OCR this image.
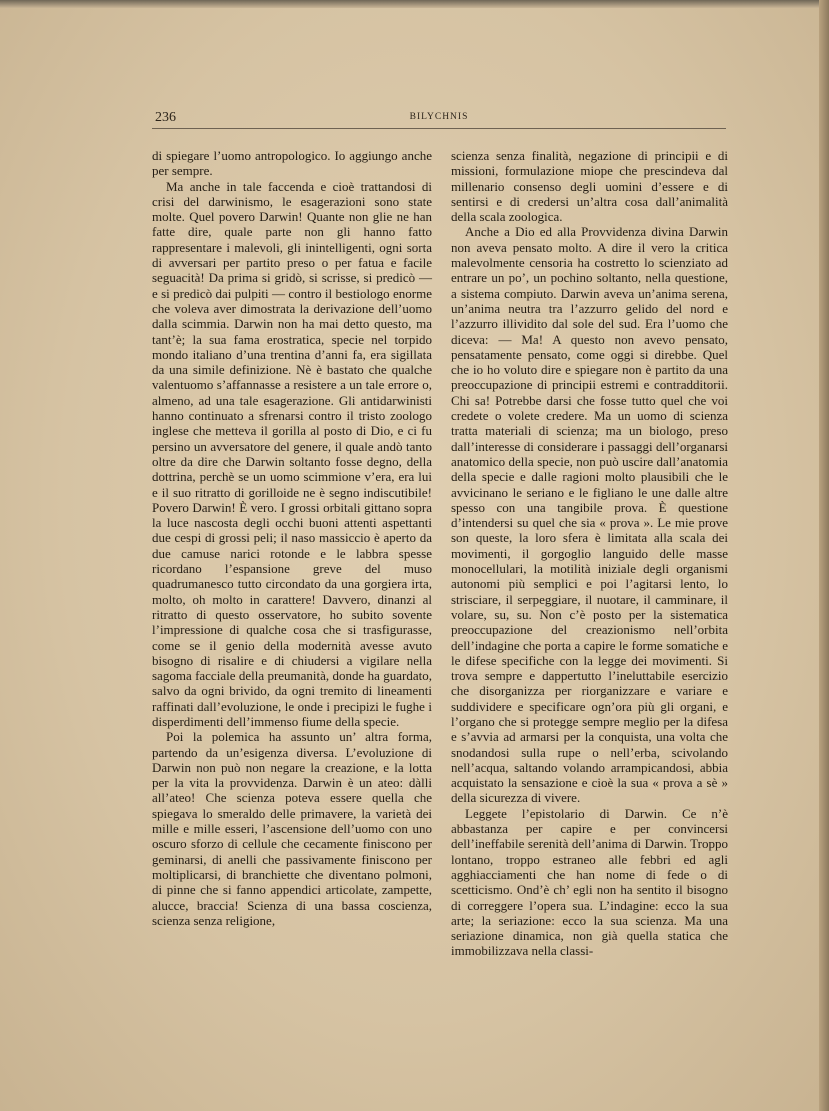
236	BILYCHNIS

di spiegare l’uomo antropologico. Io aggiungo anche per sempre.

Ma anche in tale faccenda e cioè trattandosi di crisi del darwinismo, le esagerazioni sono state molte. Quel povero Darwin! Quante non glie ne han fatte dire, quale parte non gli hanno fatto rappresentare i malevoli, gli inintelligenti, ogni sorta di avversari per partito preso o per fatua e facile seguacità! Da prima si gridò, si scrisse, si predicò — e si predicò dai pulpiti — contro il bestiologo enorme che voleva aver dimostrata la derivazione dell’uomo dalla scimmia. Darwin non ha mai detto questo, ma tant’è; la sua fama erostratica, specie nel torpido mondo italiano d’una trentina d’anni fa, era sigillata da una simile definizione. Nè è bastato che qualche valentuomo s’affannasse a resistere a un tale errore o, almeno, ad una tale esagerazione. Gli antidarwinisti hanno continuato a sfrenarsi contro il tristo zoologo inglese che metteva il gorilla al posto di Dio, e ci fu persino un avversatore del genere, il quale andò tanto oltre da dire che Darwin soltanto fosse degno, della dottrina, perchè se un uomo scimmione v’era, era lui e il suo ritratto di gorilloide ne è segno indiscutibile! Povero Darwin! È vero. I grossi orbitali gittano sopra la luce nascosta degli occhi buoni attenti aspettanti due cespi di grossi peli; il naso massiccio è aperto da due camuse narici rotonde e le labbra spesse ricordano l’espansione greve del muso quadrumanesco tutto circondato da una gorgiera irta, molto, oh molto in carattere! Davvero, dinanzi al ritratto di questo osservatore, ho subito sovente l’impressione di qualche cosa che si trasfigurasse, come se il genio della modernità avesse avuto bisogno di risalire e di chiudersi a vigilare nella sagoma facciale della preumanità, donde ha guardato, salvo da ogni brivido, da ogni tremito di lineamenti raffinati dall’evoluzione, le onde i precipizi le fughe i disperdimenti dell’immenso fiume della specie.

Poi la polemica ha assunto un’ altra forma, partendo da un’esigenza diversa. L’evoluzione di Darwin non può non negare la creazione, e la lotta per la vita la provvidenza. Darwin è un ateo: dàlli all’ateo! Che scienza poteva essere quella che spiegava lo smeraldo delle primavere, la varietà dei mille e mille esseri, l’ascensione dell’uomo con uno oscuro sforzo di cellule che cecamente finiscono per geminarsi, di anelli che passivamente finiscono per moltiplicarsi, di branchiette che diventano polmoni, di pinne che si fanno appendici articolate, zampette, alucce, braccia! Scienza di una bassa coscienza, scienza senza religione,

scienza senza finalità, negazione di principii e di missioni, formulazione miope che prescindeva dal millenario consenso degli uomini d’essere e di sentirsi e di credersi un’altra cosa dall’animalità della scala zoologica.

Anche a Dio ed alla Provvidenza divina Darwin non aveva pensato molto. A dire il vero la critica malevolmente censoria ha costretto lo scienziato ad entrare un po’, un pochino soltanto, nella questione, a sistema compiuto. Darwin aveva un’anima serena, un’anima neutra tra l’azzurro gelido del nord e l’azzurro illividito dal sole del sud. Era l’uomo che diceva: — Ma! A questo non avevo pensato, pensatamente pensato, come oggi si direbbe. Quel che io ho voluto dire e spiegare non è partito da una preoccupazione di principii estremi e contradditorii. Chi sa! Potrebbe darsi che fosse tutto quel che voi credete o volete credere. Ma un uomo di scienza tratta materiali di scienza; ma un biologo, preso dall’interesse di considerare i passaggi dell’organarsi anatomico della specie, non può uscire dall’anatomia della specie e dalle ragioni molto plausibili che le avvicinano le seriano e le figliano le une dalle altre spesso con una tangibile prova. È questione d’intendersi su quel che sia « prova ». Le mie prove son queste, la loro sfera è limitata alla scala dei movimenti, il gorgoglio languido delle masse monocellulari, la motilità iniziale degli organismi autonomi più semplici e poi l’agitarsi lento, lo strisciare, il serpeggiare, il nuotare, il camminare, il volare, su, su. Non c’è posto per la sistematica preoccupazione del creazionismo nell’orbita dell’indagine che porta a capire le forme somatiche e le difese specifiche con la legge dei movimenti. Si trova sempre e dappertutto l’ineluttabile esercizio che disorganizza per riorganizzare e variare e suddividere e specificare ogn’ora più gli organi, e l’organo che si protegge sempre meglio per la difesa e s’avvia ad armarsi per la conquista, una volta che snodandosi sulla rupe o nell’erba, scivolando nell’acqua, saltando volando arrampicandosi, abbia acquistato la sensazione e cioè la sua « prova a sè » della sicurezza di vivere.

Leggete l’epistolario di Darwin. Ce n’è abbastanza per capire e per convincersi dell’ineffabile serenità dell’anima di Darwin. Troppo lontano, troppo estraneo alle febbri ed agli agghiacciamenti che han nome di fede o di scetticismo. Ond’è ch’ egli non ha sentito il bisogno di correggere l’opera sua. L’indagine: ecco la sua arte; la seriazione: ecco la sua scienza. Ma una seriazione dinamica, non già quella statica che immobilizzava nella classi-
